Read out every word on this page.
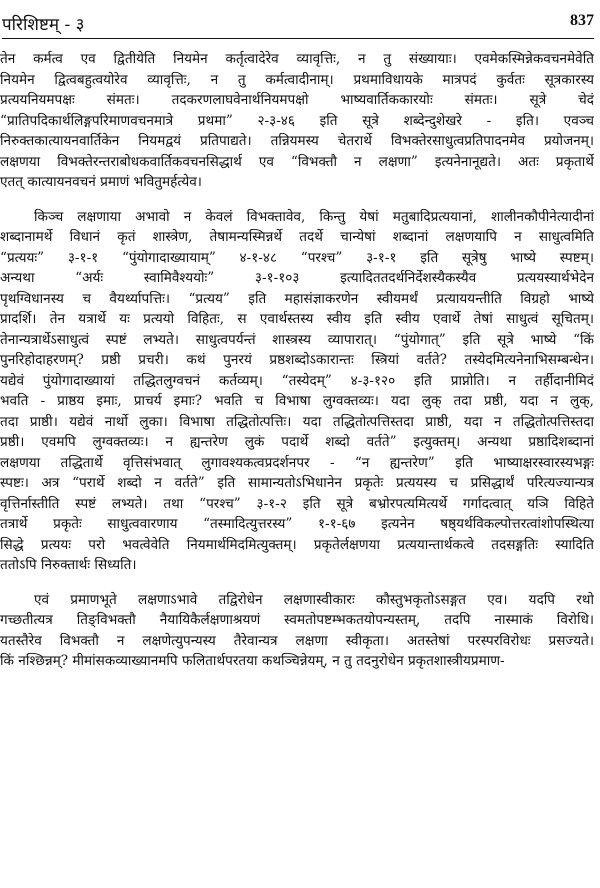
परिशिष्टम् - ३	837
तेन कर्मत्व एव द्वितीयेति नियमेन कर्तृत्वादेरेव व्यावृत्तिः, न तु संख्यायाः। एवमेकस्मिन्नेकवचनमेवेति
नियमेन द्वित्वबहुत्वयोरेव व्यावृत्तिः, न तु कर्मत्वादीनाम्। प्रथमाविधायके मात्रपदं कुर्वतः सूत्रकारस्य
प्रत्ययनियमपक्षः संमतः। तदकरणलाघवेनार्थनियमपक्षो भाष्यवार्तिककारयोः संमतः। सूत्रे चेदं
“प्रातिपदिकार्थलिङ्गपरिमाणवचनमात्रे प्रथमा” २-३-४६ इति सूत्रे शब्देन्दुशेखरे - इति। एवञ्च
निरुक्तकात्यायनवार्तिकेन नियमद्वयं प्रतिपाद्यते। तन्नियमस्य चेतरार्थे विभक्तेरसाधुत्वप्रतिपादनमेव प्रयोजनम्।
लक्षणया विभक्तेरन्तराबोधकवार्तिकवचनसिद्धार्थ एव “विभक्तौ न लक्षणा” इत्यनेनानूद्यते। अतः प्रकृतार्थे
एतत् कात्यायनवचनं प्रमाणं भवितुमर्हत्येव।
किञ्च लक्षणाया अभावो न केवलं विभक्तावेव, किन्तु येषां मतुबादिप्रत्ययानां, शालीनकौपीनेत्यादीनां
शब्दानामर्थे विधानं कृतं शास्त्रेण, तेषामन्यस्मिन्नर्थे तदर्थे चान्येषां शब्दानां लक्षणयापि न साधुत्वमिति
“प्रत्ययः” ३-१-१ “पुंयोगादाख्यायाम्” ४-१-४८ “परश्च” ३-१-१ इति सूत्रेषु भाष्ये स्पष्टम्।
अन्यथा “अर्यः स्वामिवैश्ययोः” ३-१-१०३ इत्यादिततदर्थनिर्देशस्यैकस्यैव प्रत्ययस्यार्थभेदेन
पृथग्विधानस्य च वैयर्थ्यापत्तिः। “प्रत्यय” इति महासंज्ञाकरणेन स्वीयमर्थं प्रत्याययन्तीति विग्रहो भाष्ये
प्रादर्शि। तेन यत्रार्थे यः प्रत्ययो विहितः, स एवार्थस्तस्य स्वीय इति स्वीय एवार्थे तेषां साधुत्वं सूचितम्।
तेनान्यत्रार्थेऽसाधुत्वं स्पष्टं लभ्यते। साधुत्वपर्यन्तं शास्त्रस्य व्यापारात्। “पुंयोगात्” इति सूत्रे भाष्ये “किं
पुनरिहोदाहरणम्? प्रष्ठी प्रचरी। कथं पुनरयं प्रष्ठशब्दोऽकारान्तः स्त्रियां वर्तते? तस्येदमित्यनेनाभिसम्बन्धेन।
यद्येवं पुंयोगादाख्यायां तद्धितलुग्वचनं कर्तव्यम्। “तस्येदम्” ४-३-१२० इति प्राप्नोति। न तर्हीदानीमिदं
भवति - प्राष्ठय इमाः, प्राचर्य इमाः? भवति च विभाषा लुग्वक्तव्यः। यदा लुक् तदा प्रष्ठी, यदा न लुक्,
तदा प्राष्ठी। यद्येवं नार्थो लुका। विभाषा तद्धितोत्पत्तिः। यदा तद्धितोत्पत्तिस्तदा प्राष्ठी, यदा न तद्धितोत्पत्तिस्तदा
प्रष्ठी। एवमपि लुग्वक्तव्यः। न ह्यन्तरेण लुकं पदार्थे शब्दो वर्तते” इत्युक्तम्। अन्यथा प्रष्ठादिशब्दानां
लक्षणया तद्धितार्थे वृत्तिसंभवात् लुगावश्यकत्वप्रदर्शनपर - “न ह्यन्तरेण” इति भाष्याक्षरस्वारस्यभङ्गः
स्पष्टः। अत्र “परार्थे शब्दो न वर्तते” इति सामान्यतोऽभिधानेन प्रकृतेः प्रत्ययस्य च प्रसिद्धार्थं परित्यज्यान्यत्र
वृत्तिर्नास्तीति स्पष्टं लभ्यते। तथा “परश्च” ३-१-२ इति सूत्रे बभ्रोरपत्यमित्यर्थे गर्गादत्वात् यञि विहिते
तत्रार्थे प्रकृतेः साधुत्ववारणाय “तस्मादित्युत्तरस्य” १-१-६७ इत्यनेन षष्ठ्यर्थविकल्पोत्तरत्वांशोपस्थित्या
सिद्धे प्रत्ययः परो भवत्वेवेति नियमार्थमिदमित्युक्तम्। प्रकृतेर्लक्षणया प्रत्ययान्तार्थकत्वे तदसङ्गतिः स्यादिति
ततोऽपि निरुक्तार्थः सिध्यति।
एवं प्रमाणभूते लक्षणाऽभावे तद्विरोधेन लक्षणास्वीकारः कौस्तुभकृतोऽसङ्गत एव। यदपि रथो
गच्छतीत्यत्र तिङ्विभक्तौ नैयायिकैर्लक्षणाश्रयणं स्वमतोपष्टम्भकतयोपन्यस्तम्, तदपि नास्माकं विरोधि।
यतस्तैरेव विभक्तौ न लक्षणेत्युपन्यस्य तैरेवान्यत्र लक्षणा स्वीकृता। अतस्तेषां परस्परविरोधः प्रसज्यते।
किं नश्छिन्नम्? मीमांसकव्याख्यानमपि फलितार्थपरतया कथञ्चिन्नेयम्, न तु तदनुरोधेन प्रकृतशास्त्रीयप्रमाण-
